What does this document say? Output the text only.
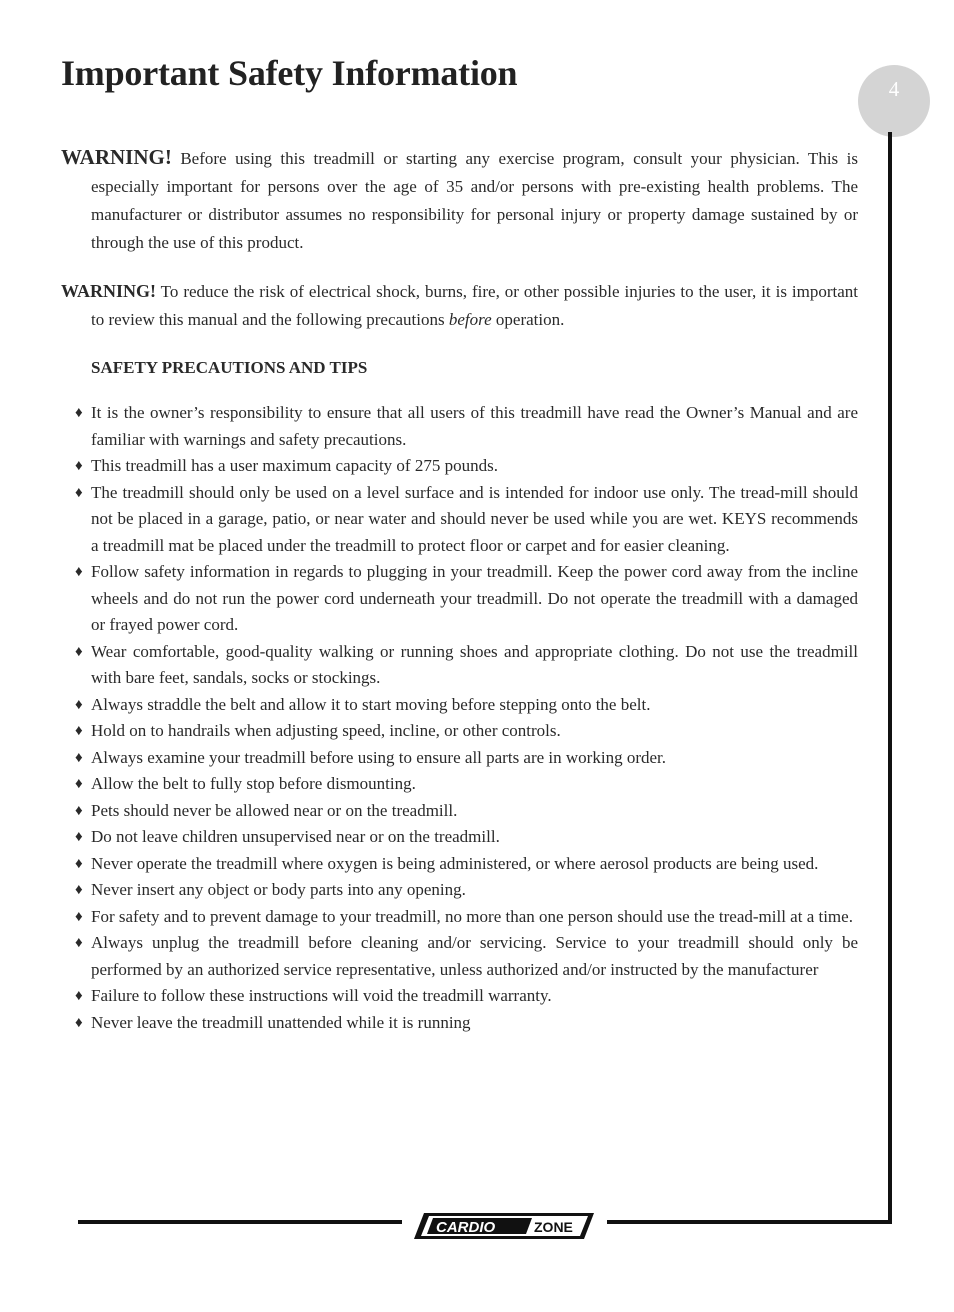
Important Safety Information	4

WARNING! Before using this treadmill or starting any exercise program, consult your physician. This is especially important for persons over the age of 35 and/or persons with pre-existing health problems. The manufacturer or distributor assumes no responsibility for personal injury or property damage sustained by or through the use of this product.

WARNING! To reduce the risk of electrical shock, burns, fire, or other possible injuries to the user, it is important to review this manual and the following precautions before operation.

SAFETY PRECAUTIONS AND TIPS
♦ It is the owner’s responsibility to ensure that all users of this treadmill have read the Owner’s Manual and are familiar with warnings and safety precautions.
♦ This treadmill has a user maximum capacity of 275 pounds.
♦ The treadmill should only be used on a level surface and is intended for indoor use only. The tread-mill should not be placed in a garage, patio, or near water and should never be used while you are wet. KEYS recommends a treadmill mat be placed under the treadmill to protect floor or carpet and for easier cleaning.
♦ Follow safety information in regards to plugging in your treadmill. Keep the power cord away from the incline wheels and do not run the power cord underneath your treadmill. Do not operate the treadmill with a damaged or frayed power cord.
♦ Wear comfortable, good-quality walking or running shoes and appropriate clothing. Do not use the treadmill with bare feet, sandals, socks or stockings.
♦ Always straddle the belt and allow it to start moving before stepping onto the belt.
♦ Hold on to handrails when adjusting speed, incline, or other controls.
♦ Always examine your treadmill before using to ensure all parts are in working order.
♦ Allow the belt to fully stop before dismounting.
♦ Pets should never be allowed near or on the treadmill.
♦ Do not leave children unsupervised near or on the treadmill.
♦ Never operate the treadmill where oxygen is being administered, or where aerosol products are being used.
♦ Never insert any object or body parts into any opening.
♦ For safety and to prevent damage to your treadmill, no more than one person should use the tread-mill at a time.
♦ Always unplug the treadmill before cleaning and/or servicing. Service to your treadmill should only be performed by an authorized service representative, unless authorized and/or instructed by the manufacturer
♦ Failure to follow these instructions will void the treadmill warranty.
♦ Never leave the treadmill unattended while it is running
CARDIO	ZONE
